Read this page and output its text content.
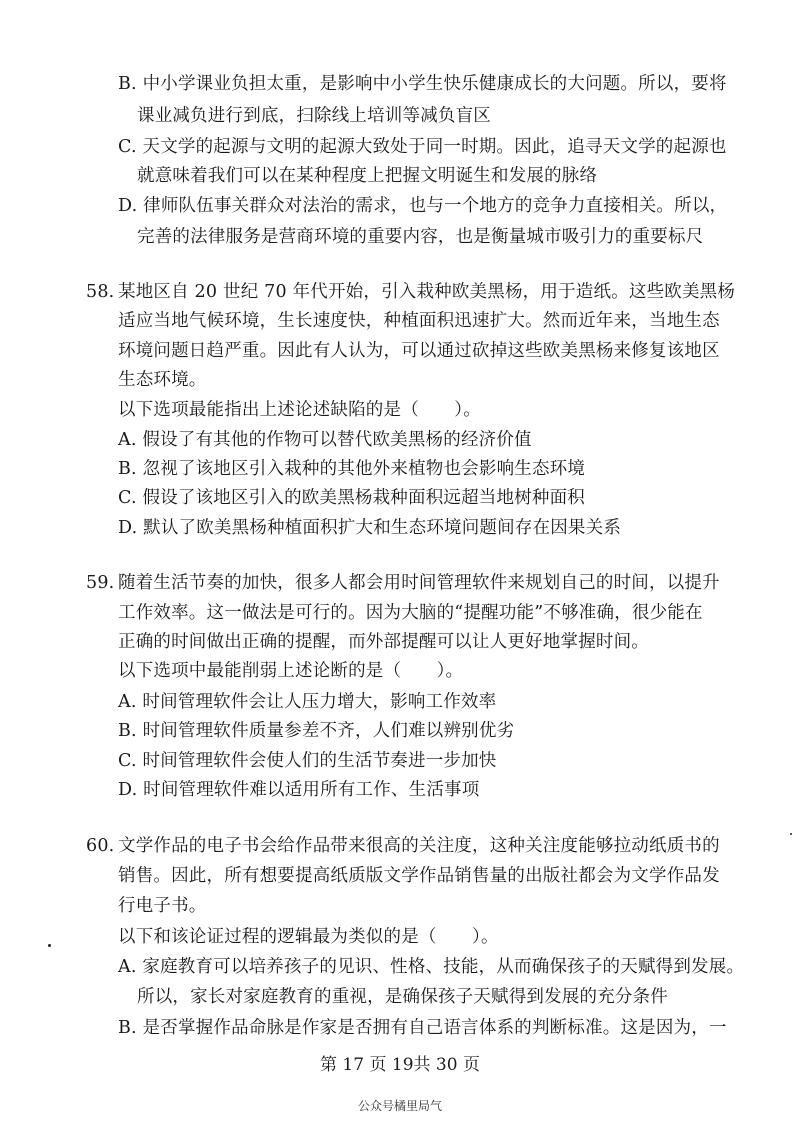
B. 中小学课业负担太重，是影响中小学生快乐健康成长的大问题。所以，要将
课业减负进行到底，扫除线上培训等减负盲区
C. 天文学的起源与文明的起源大致处于同一时期。因此，追寻天文学的起源也
就意味着我们可以在某种程度上把握文明诞生和发展的脉络
D. 律师队伍事关群众对法治的需求，也与一个地方的竞争力直接相关。所以，
完善的法律服务是营商环境的重要内容，也是衡量城市吸引力的重要标尺
58. 某地区自 20 世纪 70 年代开始，引入栽种欧美黑杨，用于造纸。这些欧美黑杨
适应当地气候环境，生长速度快，种植面积迅速扩大。然而近年来，当地生态
环境问题日趋严重。因此有人认为，可以通过砍掉这些欧美黑杨来修复该地区
生态环境。
以下选项最能指出上述论述缺陷的是（　　）。
A. 假设了有其他的作物可以替代欧美黑杨的经济价值
B. 忽视了该地区引入栽种的其他外来植物也会影响生态环境
C. 假设了该地区引入的欧美黑杨栽种面积远超当地树种面积
D. 默认了欧美黑杨种植面积扩大和生态环境问题间存在因果关系
59. 随着生活节奏的加快，很多人都会用时间管理软件来规划自己的时间，以提升
工作效率。这一做法是可行的。因为大脑的“提醒功能”不够准确，很少能在
正确的时间做出正确的提醒，而外部提醒可以让人更好地掌握时间。
以下选项中最能削弱上述论断的是（　　）。
A. 时间管理软件会让人压力增大，影响工作效率
B. 时间管理软件质量参差不齐，人们难以辨别优劣
C. 时间管理软件会使人们的生活节奏进一步加快
D. 时间管理软件难以适用所有工作、生活事项
60. 文学作品的电子书会给作品带来很高的关注度，这种关注度能够拉动纸质书的
销售。因此，所有想要提高纸质版文学作品销售量的出版社都会为文学作品发
行电子书。
以下和该论证过程的逻辑最为类似的是（　　）。
A. 家庭教育可以培养孩子的见识、性格、技能，从而确保孩子的天赋得到发展。
所以，家长对家庭教育的重视，是确保孩子天赋得到发展的充分条件
B. 是否掌握作品命脉是作家是否拥有自己语言体系的判断标准。这是因为，一
第 17 页 19共 30 页
公众号橘里局气
